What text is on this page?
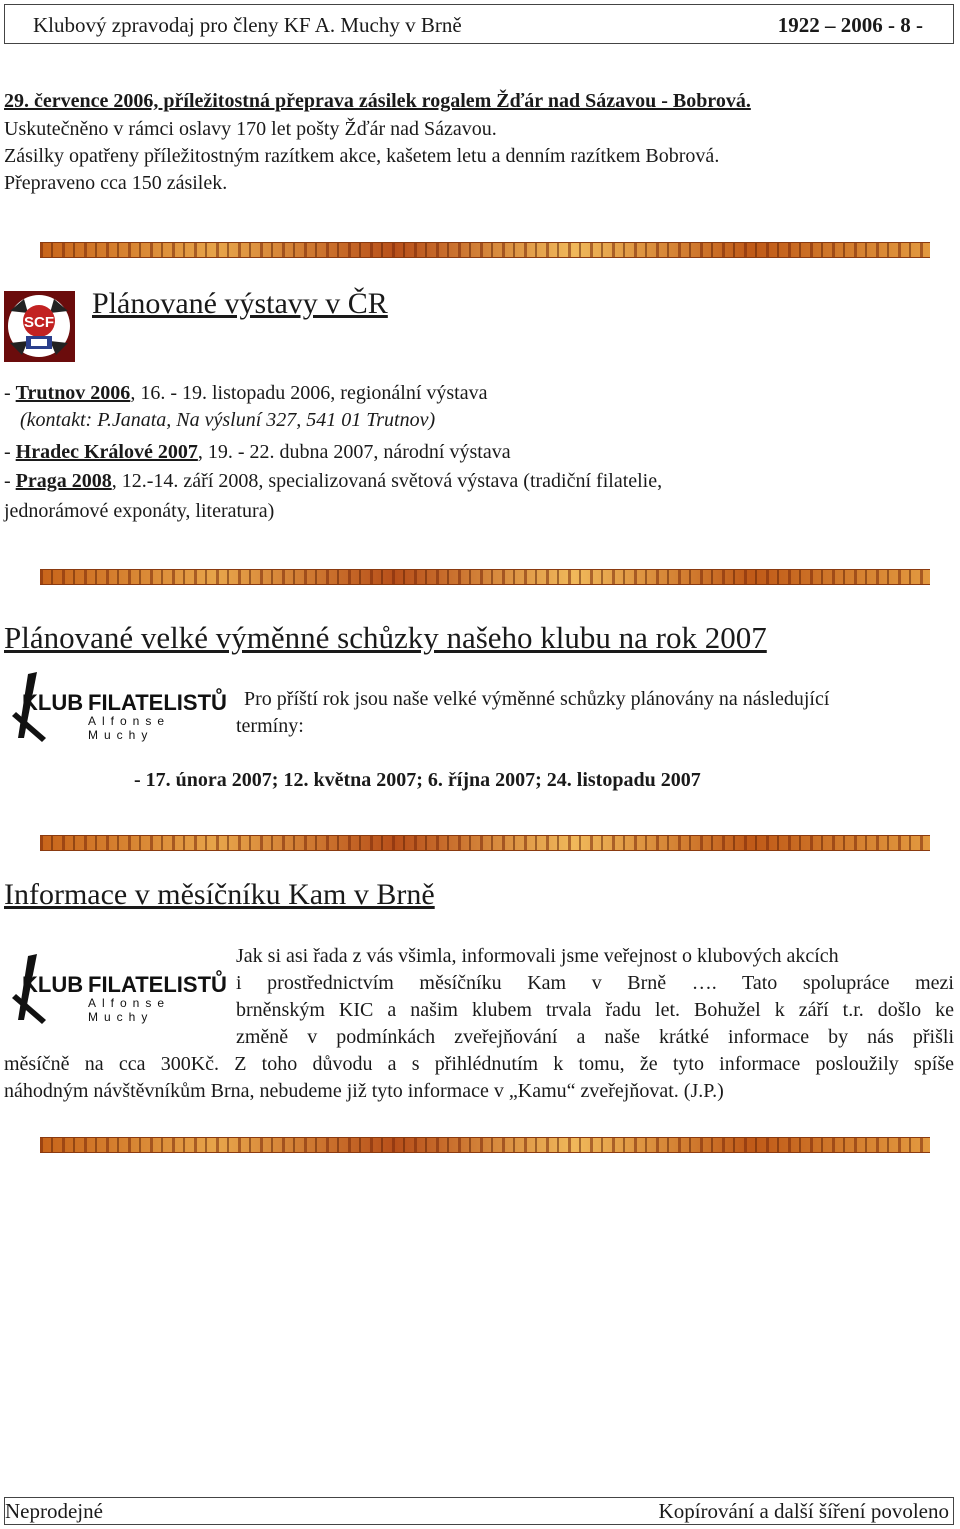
Klubový zpravodaj pro členy KF A. Muchy v Brně	1922 – 2006 - 8 -
29. července 2006, příležitostná přeprava zásilek rogalem Žďár nad Sázavou - Bobrová.
Uskutečněno v rámci oslavy 170 let pošty Žďár nad Sázavou.
Zásilky opatřeny příležitostným razítkem akce, kašetem letu a denním razítkem Bobrová.
Přepraveno cca 150 zásilek.
SCF
Plánované výstavy v ČR
- Trutnov 2006, 16. - 19. listopadu 2006, regionální výstava
(kontakt: P.Janata, Na výsluní 327, 541 01 Trutnov)
- Hradec Králové 2007, 19. - 22. dubna 2007, národní výstava
- Praga 2008, 12.-14. září 2008, specializovaná světová výstava (tradiční filatelie,
jednorámové exponáty, literatura)
Plánované velké výměnné schůzky našeho klubu na rok 2007
KLUB FILATELISTŮ
Alfonse Muchy
Pro příští rok jsou naše velké výměnné schůzky plánovány na následující
termíny:
- 17. února 2007; 12. května 2007; 6. října 2007; 24. listopadu 2007
Informace v měsíčníku Kam v Brně
KLUB FILATELISTŮ
Alfonse Muchy
Jak si asi řada z vás všimla, informovali jsme veřejnost o klubových akcích
i prostřednictvím měsíčníku Kam v Brně …. Tato spolupráce mezi
brněnským KIC a našim klubem trvala řadu let. Bohužel k září t.r. došlo ke
změně v podmínkách zveřejňování a naše krátké informace by nás přišli
měsíčně na cca 300Kč. Z toho důvodu a s přihlédnutím k tomu, že tyto informace posloužily spíše
náhodným návštěvníkům Brna, nebudeme již tyto informace v „Kamu“ zveřejňovat. (J.P.)
Neprodejné	Kopírování a další šíření povoleno
